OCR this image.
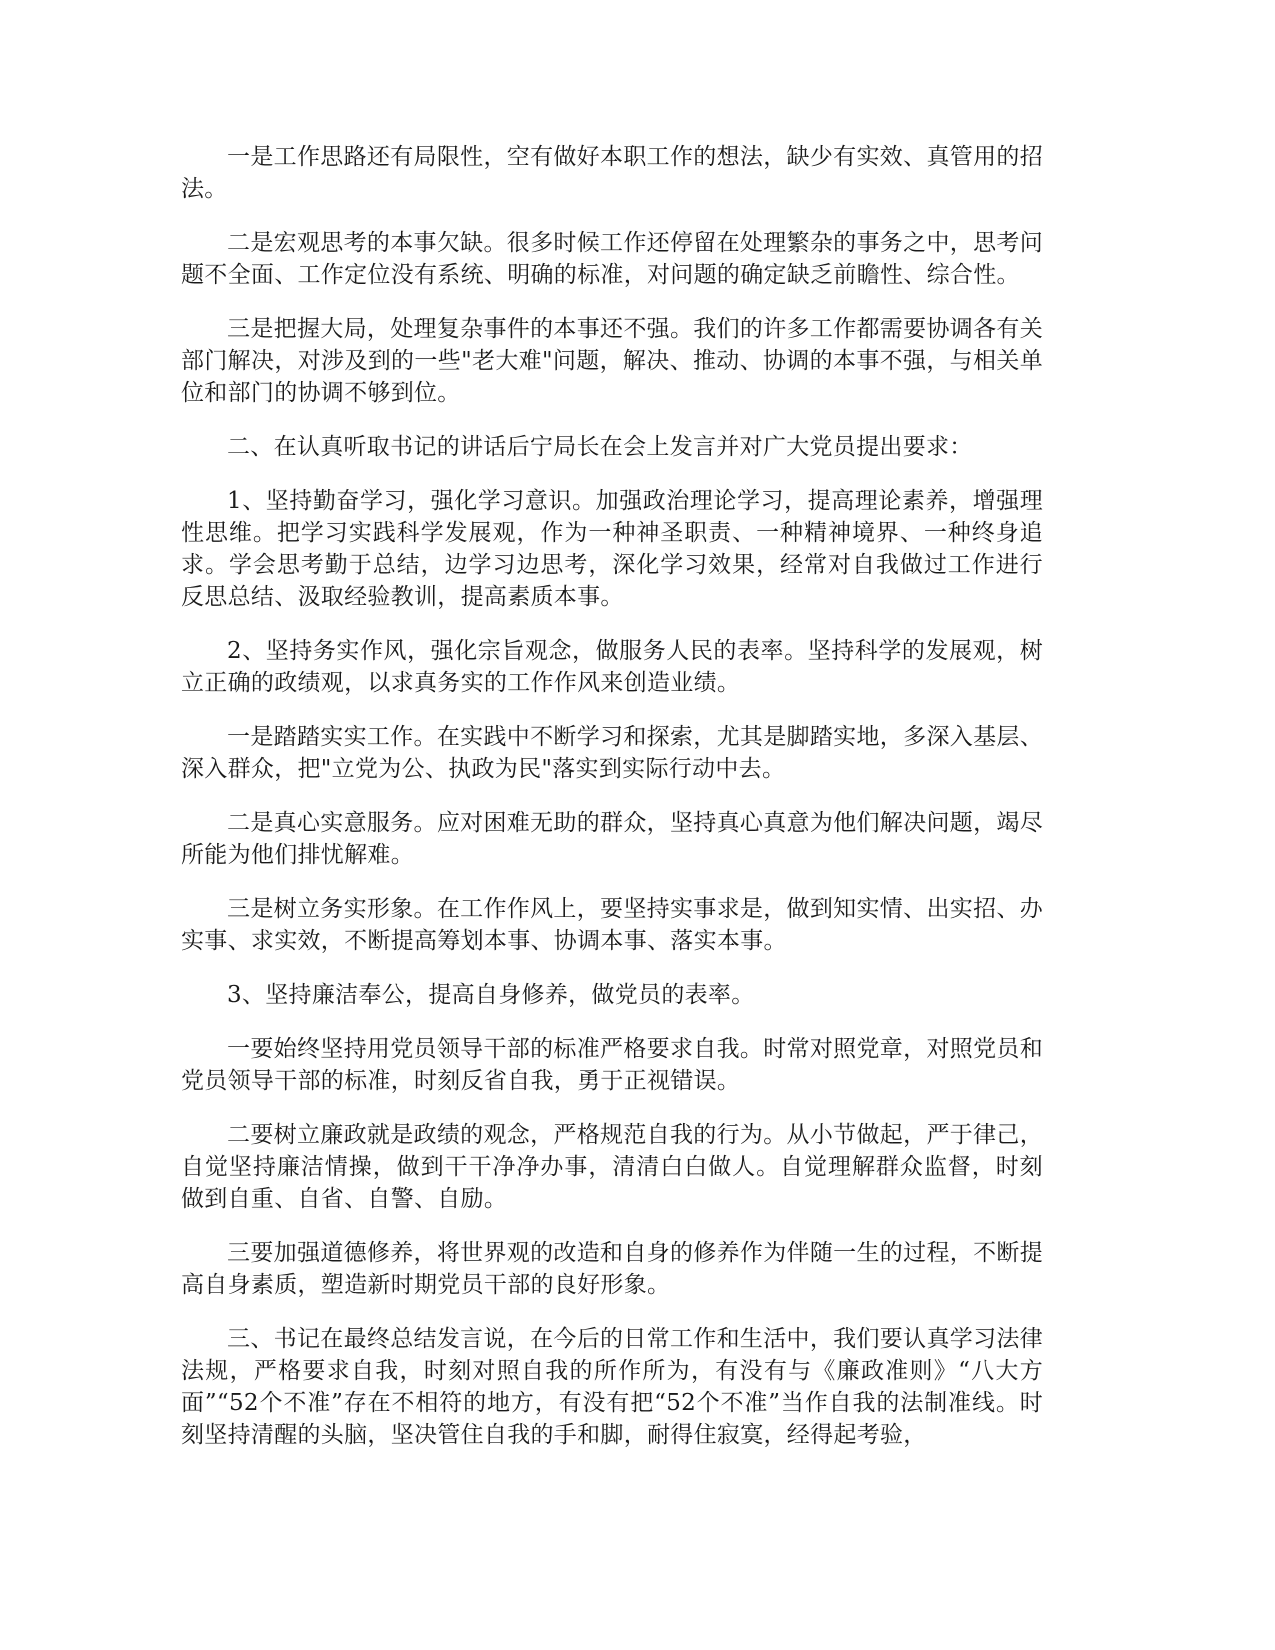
一是工作思路还有局限性，空有做好本职工作的想法，缺少有实效、真管用的招法。

二是宏观思考的本事欠缺。很多时候工作还停留在处理繁杂的事务之中，思考问题不全面、工作定位没有系统、明确的标准，对问题的确定缺乏前瞻性、综合性。

三是把握大局，处理复杂事件的本事还不强。我们的许多工作都需要协调各有关部门解决，对涉及到的一些"老大难"问题，解决、推动、协调的本事不强，与相关单位和部门的协调不够到位。

二、在认真听取书记的讲话后宁局长在会上发言并对广大党员提出要求：

1、坚持勤奋学习，强化学习意识。加强政治理论学习，提高理论素养，增强理性思维。把学习实践科学发展观，作为一种神圣职责、一种精神境界、一种终身追求。学会思考勤于总结，边学习边思考，深化学习效果，经常对自我做过工作进行反思总结、汲取经验教训，提高素质本事。

2、坚持务实作风，强化宗旨观念，做服务人民的表率。坚持科学的发展观，树立正确的政绩观，以求真务实的工作作风来创造业绩。

一是踏踏实实工作。在实践中不断学习和探索，尤其是脚踏实地，多深入基层、深入群众，把"立党为公、执政为民"落实到实际行动中去。

二是真心实意服务。应对困难无助的群众，坚持真心真意为他们解决问题，竭尽所能为他们排忧解难。

三是树立务实形象。在工作作风上，要坚持实事求是，做到知实情、出实招、办实事、求实效，不断提高筹划本事、协调本事、落实本事。

3、坚持廉洁奉公，提高自身修养，做党员的表率。

一要始终坚持用党员领导干部的标准严格要求自我。时常对照党章，对照党员和党员领导干部的标准，时刻反省自我，勇于正视错误。

二要树立廉政就是政绩的观念，严格规范自我的行为。从小节做起，严于律己，自觉坚持廉洁情操，做到干干净净办事，清清白白做人。自觉理解群众监督，时刻做到自重、自省、自警、自励。

三要加强道德修养，将世界观的改造和自身的修养作为伴随一生的过程，不断提高自身素质，塑造新时期党员干部的良好形象。

三、书记在最终总结发言说，在今后的日常工作和生活中，我们要认真学习法律法规，严格要求自我，时刻对照自我的所作所为，有没有与《廉政准则》“八大方面”“52个不准”存在不相符的地方，有没有把“52个不准”当作自我的法制准线。时刻坚持清醒的头脑，坚决管住自我的手和脚，耐得住寂寞，经得起考验，
